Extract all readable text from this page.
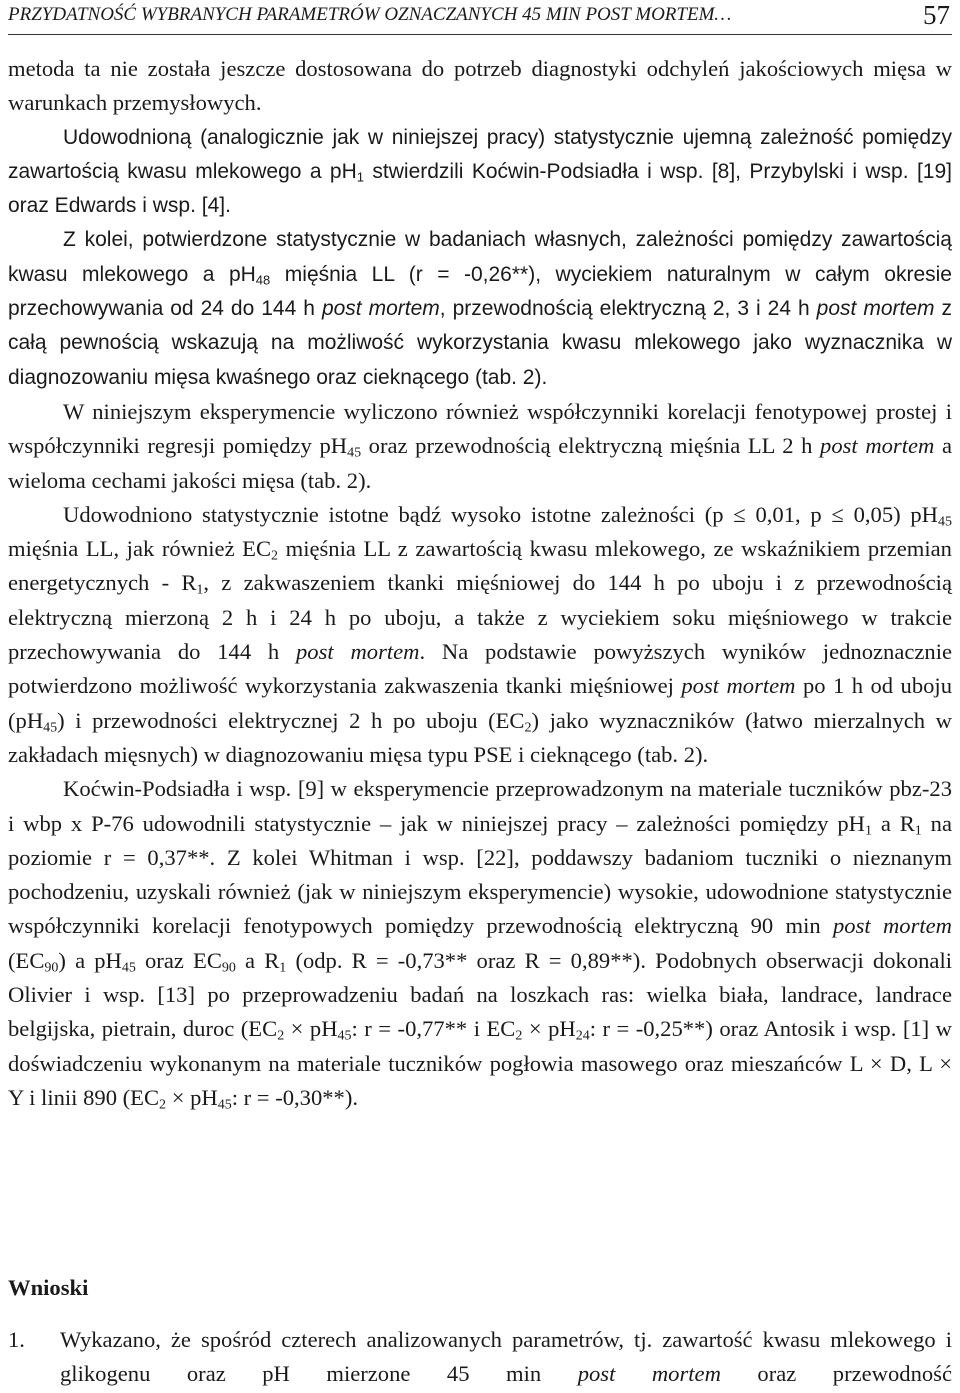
PRZYDATNOŚĆ WYBRANYCH PARAMETRÓW OZNACZANYCH 45 MIN POST MORTEM…	57

metoda ta nie została jeszcze dostosowana do potrzeb diagnostyki odchyleń jakościowych mięsa w warunkach przemysłowych.

Udowodnioną (analogicznie jak w niniejszej pracy) statystycznie ujemną zależność pomiędzy zawartością kwasu mlekowego a $pH_1$ stwierdzili Koćwin-Podsiadła i wsp. [8], Przybylski i wsp. [19] oraz Edwards i wsp. [4].

Z kolei, potwierdzone statystycznie w badaniach własnych, zależności pomiędzy zawartością kwasu mlekowego a $pH_{48}$ mięśnia LL (r = -0,26**), wyciekiem naturalnym w całym okresie przechowywania od 24 do 144 h post mortem, przewodnością elektryczną 2, 3 i 24 h post mortem z całą pewnością wskazują na możliwość wykorzystania kwasu mlekowego jako wyznacznika w diagnozowaniu mięsa kwaśnego oraz cieknącego (tab. 2).

W niniejszym eksperymencie wyliczono również współczynniki korelacji fenotypowej prostej i współczynniki regresji pomiędzy $pH_{45}$ oraz przewodnością elektryczną mięśnia LL 2 h post mortem a wieloma cechami jakości mięsa (tab. 2).

Udowodniono statystycznie istotne bądź wysoko istotne zależności (p ≤ 0,01, p ≤ 0,05) $pH_{45}$ mięśnia LL, jak również $EC_2$ mięśnia LL z zawartością kwasu mlekowego, ze wskaźnikiem przemian energetycznych - $R_1$, z zakwaszeniem tkanki mięśniowej do 144 h po uboju i z przewodnością elektryczną mierzoną 2 h i 24 h po uboju, a także z wyciekiem soku mięśniowego w trakcie przechowywania do 144 h post mortem. Na podstawie powyższych wyników jednoznacznie potwierdzono możliwość wykorzystania zakwaszenia tkanki mięśniowej post mortem po 1 h od uboju $(pH_{45})$ i przewodności elektrycznej 2 h po uboju $(EC_2)$ jako wyznaczników (łatwo mierzalnych w zakładach mięsnych) w diagnozowaniu mięsa typu PSE i cieknącego (tab. 2).

Koćwin-Podsiadła i wsp. [9] w eksperymencie przeprowadzonym na materiale tuczników pbz-23 i wbp x P-76 udowodnili statystycznie – jak w niniejszej pracy – zależności pomiędzy $pH_1$ a $R_1$ na poziomie r = 0,37**. Z kolei Whitman i wsp. [22], poddawszy badaniom tuczniki o nieznanym pochodzeniu, uzyskali również (jak w niniejszym eksperymencie) wysokie, udowodnione statystycznie współczynniki korelacji fenotypowych pomiędzy przewodnością elektryczną 90 min post mortem $(EC_{90})$ a $pH_{45}$ oraz $EC_{90}$ a $R_1$ (odp. R = -0,73** oraz R = 0,89**). Podobnych obserwacji dokonali Olivier i wsp. [13] po przeprowadzeniu badań na loszkach ras: wielka biała, landrace, landrace belgijska, pietrain, duroc ($EC_2 \times pH_{45}$: r = -0,77** i $EC_2 \times pH_{24}$: r = -0,25**) oraz Antosik i wsp. [1] w doświadczeniu wykonanym na materiale tuczników pogłowia masowego oraz mieszańców L × D, L × Y i linii 890 ($EC_2 \times pH_{45}$: r = -0,30**).

Wnioski
1. Wykazano, że spośród czterech analizowanych parametrów, tj. zawartość kwasu mlekowego i glikogenu oraz pH mierzone 45 min post mortem oraz przewodność
